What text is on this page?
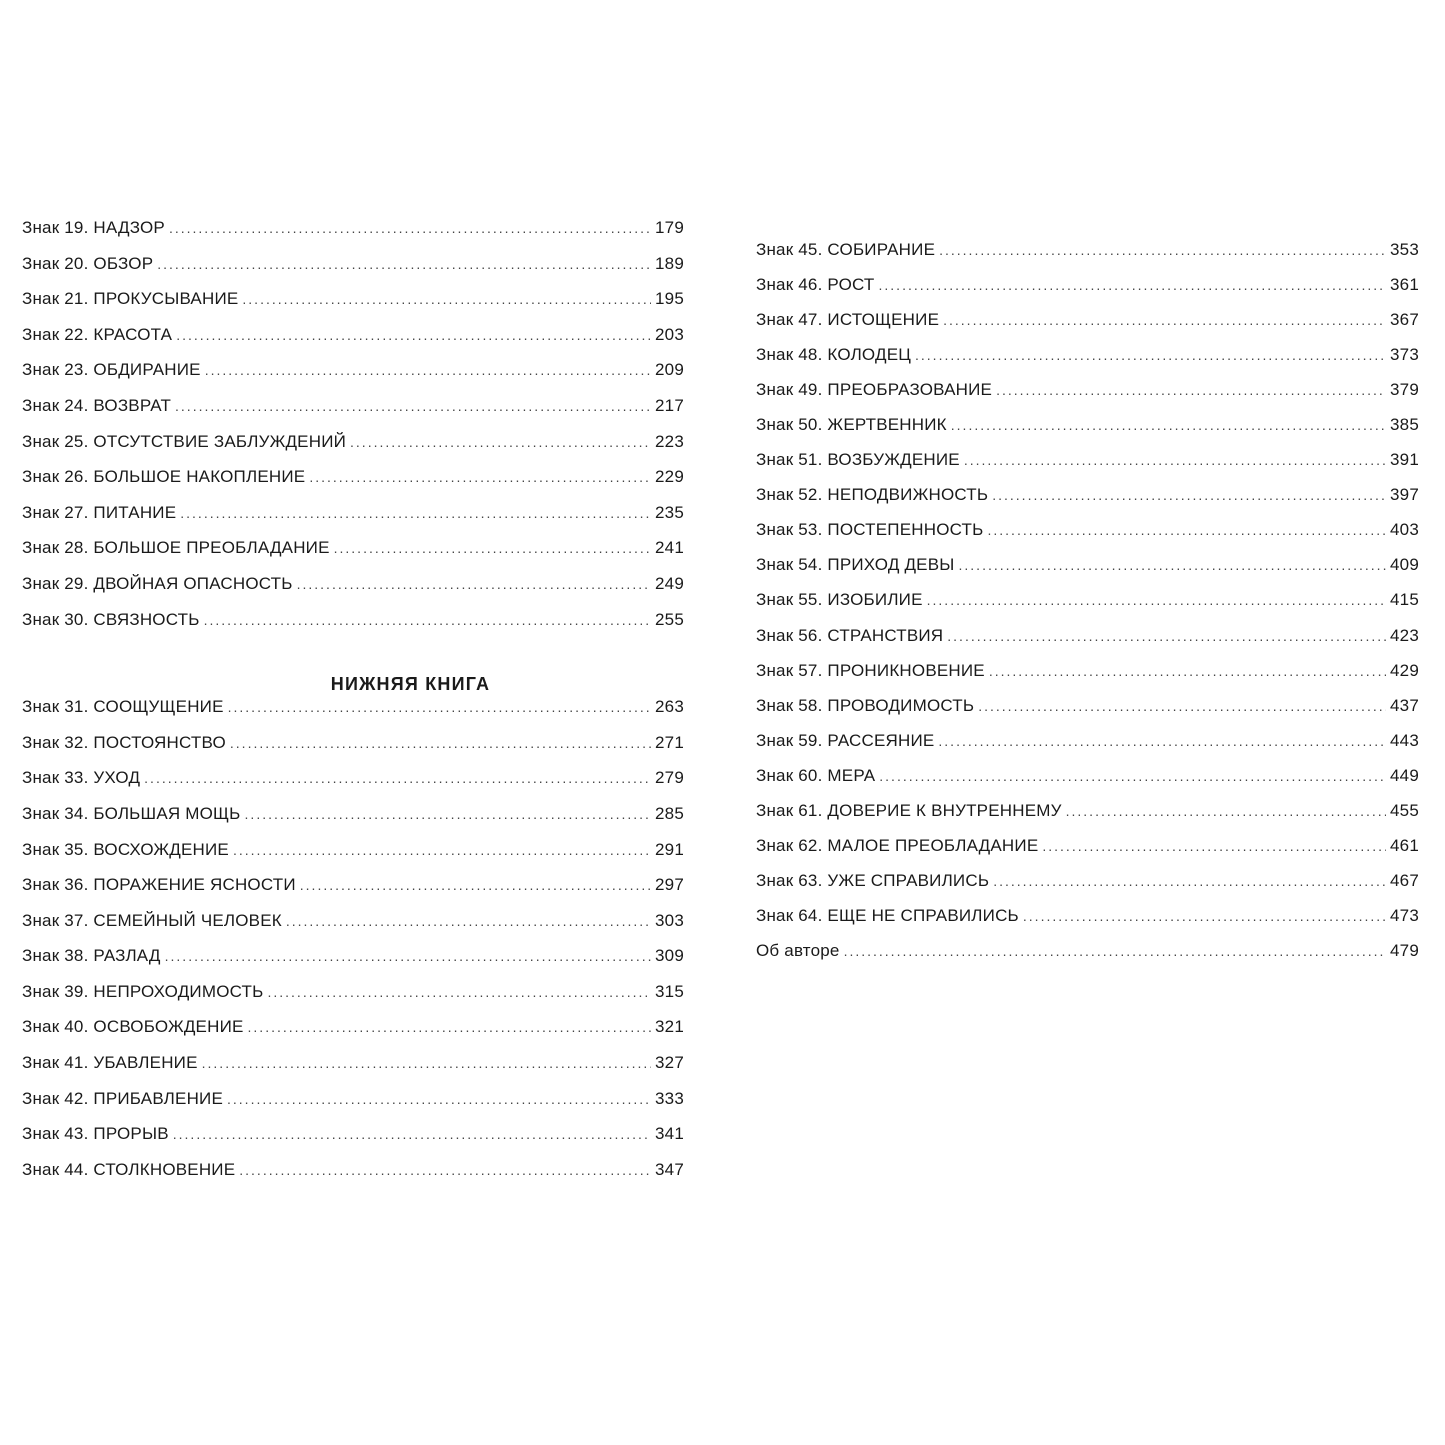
Знак 19. НАДЗОР .....	179
Знак 20. ОБЗОР .....	189
Знак 21. ПРОКУСЫВАНИЕ .....	195
Знак 22. КРАСОТА .....	203
Знак 23. ОБДИРАНИЕ .....	209
Знак 24. ВОЗВРАТ .....	217
Знак 25. ОТСУТСТВИЕ ЗАБЛУЖДЕНИЙ .....	223
Знак 26. БОЛЬШОЕ НАКОПЛЕНИЕ .....	229
Знак 27. ПИТАНИЕ .....	235
Знак 28. БОЛЬШОЕ ПРЕОБЛАДАНИЕ .....	241
Знак 29. ДВОЙНАЯ ОПАСНОСТЬ .....	249
Знак 30. СВЯЗНОСТЬ .....	255
НИЖНЯЯ КНИГА
Знак 31. СООЩУЩЕНИЕ .....	263
Знак 32. ПОСТОЯНСТВО .....	271
Знак 33. УХОД .....	279
Знак 34. БОЛЬШАЯ МОЩЬ .....	285
Знак 35. ВОСХОЖДЕНИЕ .....	291
Знак 36. ПОРАЖЕНИЕ ЯСНОСТИ .....	297
Знак 37. СЕМЕЙНЫЙ ЧЕЛОВЕК .....	303
Знак 38. РАЗЛАД .....	309
Знак 39. НЕПРОХОДИМОСТЬ .....	315
Знак 40. ОСВОБОЖДЕНИЕ .....	321
Знак 41. УБАВЛЕНИЕ .....	327
Знак 42. ПРИБАВЛЕНИЕ .....	333
Знак 43. ПРОРЫВ .....	341
Знак 44. СТОЛКНОВЕНИЕ .....	347
Знак 45. СОБИРАНИЕ .....	353
Знак 46. РОСТ .....	361
Знак 47. ИСТОЩЕНИЕ .....	367
Знак 48. КОЛОДЕЦ .....	373
Знак 49. ПРЕОБРАЗОВАНИЕ .....	379
Знак 50. ЖЕРТВЕННИК .....	385
Знак 51. ВОЗБУЖДЕНИЕ .....	391
Знак 52. НЕПОДВИЖНОСТЬ .....	397
Знак 53. ПОСТЕПЕННОСТЬ .....	403
Знак 54. ПРИХОД ДЕВЫ .....	409
Знак 55. ИЗОБИЛИЕ .....	415
Знак 56. СТРАНСТВИЯ .....	423
Знак 57. ПРОНИКНОВЕНИЕ .....	429
Знак 58. ПРОВОДИМОСТЬ .....	437
Знак 59. РАССЕЯНИЕ .....	443
Знак 60. МЕРА .....	449
Знак 61. ДОВЕРИЕ К ВНУТРЕННЕМУ .....	455
Знак 62. МАЛОЕ ПРЕОБЛАДАНИЕ .....	461
Знак 63. УЖЕ СПРАВИЛИСЬ .....	467
Знак 64. ЕЩЕ НЕ СПРАВИЛИСЬ .....	473
Об авторе .....	479
